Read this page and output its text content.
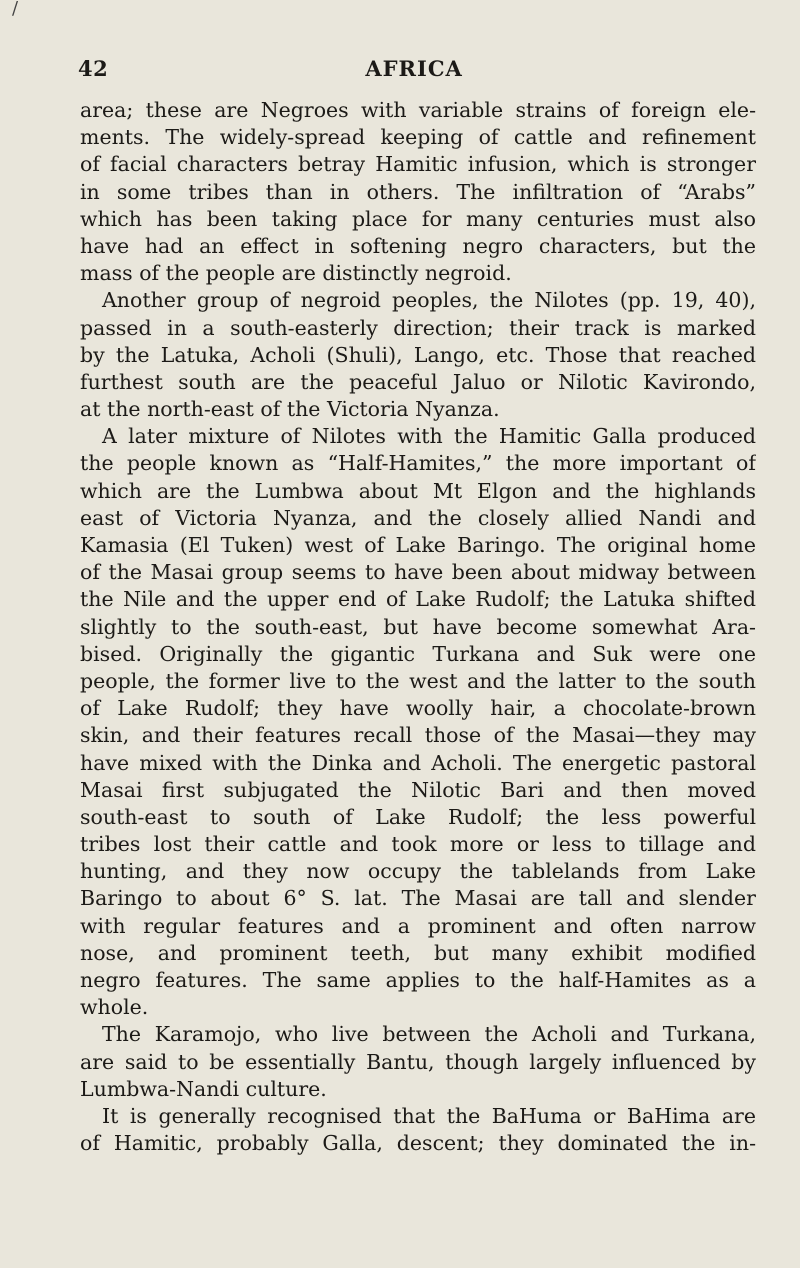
/
42	AFRICA
area; these are Negroes with variable strains of foreign ele-
ments. The widely-spread keeping of cattle and refinement
of facial characters betray Hamitic infusion, which is stronger
in some tribes than in others. The infiltration of “Arabs”
which has been taking place for many centuries must also
have had an effect in softening negro characters, but the
mass of the people are distinctly negroid.
Another group of negroid peoples, the Nilotes (pp. 19, 40),
passed in a south-easterly direction; their track is marked
by the Latuka, Acholi (Shuli), Lango, etc. Those that reached
furthest south are the peaceful Jaluo or Nilotic Kavirondo,
at the north-east of the Victoria Nyanza.
A later mixture of Nilotes with the Hamitic Galla produced
the people known as “Half-Hamites,” the more important of
which are the Lumbwa about Mt Elgon and the highlands
east of Victoria Nyanza, and the closely allied Nandi and
Kamasia (El Tuken) west of Lake Baringo. The original home
of the Masai group seems to have been about midway between
the Nile and the upper end of Lake Rudolf; the Latuka shifted
slightly to the south-east, but have become somewhat Ara-
bised. Originally the gigantic Turkana and Suk were one
people, the former live to the west and the latter to the south
of Lake Rudolf; they have woolly hair, a chocolate-brown
skin, and their features recall those of the Masai—they may
have mixed with the Dinka and Acholi. The energetic pastoral
Masai first subjugated the Nilotic Bari and then moved
south-east to south of Lake Rudolf; the less powerful
tribes lost their cattle and took more or less to tillage and
hunting, and they now occupy the tablelands from Lake
Baringo to about 6° S. lat. The Masai are tall and slender
with regular features and a prominent and often narrow
nose, and prominent teeth, but many exhibit modified
negro features. The same applies to the half-Hamites as a
whole.
The Karamojo, who live between the Acholi and Turkana,
are said to be essentially Bantu, though largely influenced by
Lumbwa-Nandi culture.
It is generally recognised that the BaHuma or BaHima are
of Hamitic, probably Galla, descent; they dominated the in-
